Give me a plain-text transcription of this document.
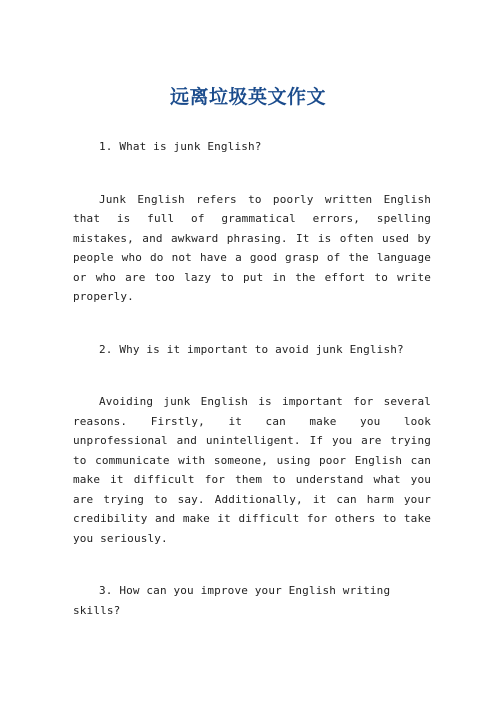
远离垃圾英文作文

1. What is junk English?

Junk English refers to poorly written English that is full of grammatical errors, spelling mistakes, and awkward phrasing. It is often used by people who do not have a good grasp of the language or who are too lazy to put in the effort to write properly.

2. Why is it important to avoid junk English?

Avoiding junk English is important for several reasons. Firstly, it can make you look unprofessional and unintelligent. If you are trying to communicate with someone, using poor English can make it difficult for them to understand what you are trying to say. Additionally, it can harm your credibility and make it difficult for others to take you seriously.

3. How can you improve your English writing skills?
